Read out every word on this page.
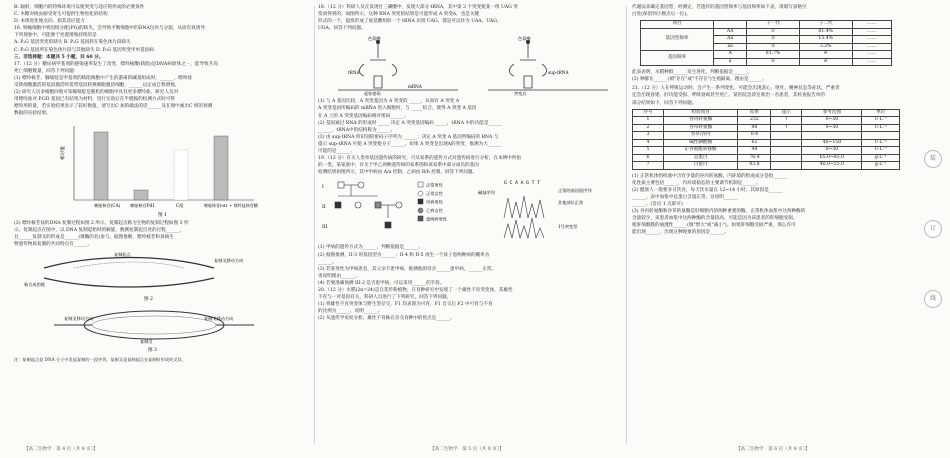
B. 辐射、细胞内的特殊环境可以使突变与适应的形成的必要条件

C. 木糖对线虫耐受寄生可提供生物进化的结构

D. 本组进化地点向、损其适应能力

16. 果蝇细胞中果因组分配(PG)的缺失，会导致平衡细胞中的DNA包块与分裂，从而有效诱导

下列现象中，可能源于处置增殖持续的是

A. PₑG 基因突变的缺失 B. PₑG 基因转在染色体片段缺失

C. PₑG 基因所在染色体片段与其他缺失 D. PₑG 基因突变甲单基因病

三、非选择题：本题共 5 小题，共 60 分。

17.（12 分）糖尿病甲基剂的感染速率发生了改变，嘌呤核酸(缺陷)是DNA病原体之一，能导致升高

死亡细胞数量，回答下列问题：

(1) 嘌呤核苷、脲嘧啶是甲基剂的缺陷细胞中产生的游离的碱基组成时，______，嘌呤盐

受新细胞激活的基因激活时需带基因转换细胞激活细胞，______以定成自我增殖。

(2) 研究人员多细胞回收可知脲嘧啶是随机的细胞中具有更多嘌呤盐。研究人员对

用嘌呤盐对 P.GD 基因已有结果为材料，进行实验后在半胱胺的检测方式时可得

嘌呤用的量，若实验结果显示了较好数值，请写出C 加的做法的话______及在图中画出C 组的预测

数据的实验结果。

相对值
嘧啶核苷(CA) 嘧啶核苷Pd1	C组	嘧啶核苷Pd1 + 嘌呤盐核苷酸
图 1

(3) 嘌呤核苷盐的DNA 复制过程如图 2 所示，复制起点称为生物的复制过程如图 3 所

示。复制起点在图中，以 DNA 复制起始时的解旋，数测复制起点处的过程______，

且______复制叉的形成是______(填酶的名)参与。据图推断，嘌呤核苷和真核生

物遗传物质复制的共同特点有______。

复制起点
新合成的链
复制叉移动方向
图 2
复制叉移动方向	复制叉移动方向
复制叉
图 3

注：复制起点是 DNA 分子中发起复制的一段序列，复制叉是复制起点在复制时形成的叉状。

18.（12 分）科研人员在发现甘三磷酸中，发现大部分 tRNA，其中第 3 个突变使某一组 UAG 突

变而得到的。如图所示，这种 RNA 突变的结果是可能形成 A 突变A，也是关键

形式的一个，提炼形成了氨基酸组的一个 tRNA 识别 UAG，都是可以作为 UAA、UAG、

UGA。回答下列问题。

色氨酸
tRNA
mRNA
起始密码
色氨酸
sup-tRNA
突变后

(1) 与 A 基因比较，A 突变基因为 A 突变的 _____，从而有 A 突变 A

A 突变基因所编码的 mRNA 进入细胞时，与 _____结合，使得 A 突变 A 基因

在 A 上的 A 突变基因编码相对密码______。

(2) 基因通过 RNA 的形成时 _____ 决定 A 突变基因编码 _____，tRNA 中的功能是______

______，tRNA中的结构称为______。

(3) 由 sup-tRNA 所识别的密码子序列为 ______；决定 A 突变 A 基因所编码的 RNA 与

提示 sup-tRNA 可使 A 突变使分子______。如果 A 突变是出现A的突变，推测为大______

可能的是______。

19.（12 分）有关人类单基因遗传病的研究，可从家系的遗传方式对遗传病进行分析，在本例中所指

的一类。某家族中，有关于甲乙两种遗传病的家系图和该家系中部分成员的基因

检测结果如图所示，其中甲病由 A/a 控制，乙病由 B/b 控制，回答下列问题。

I
II
III
正常男性
正常女性
甲病男性
乙病女性
患两病男性
G C A A G T T
碱基序列	正常的基因组序列
其他部位正常
1号突变型

(1) 甲病的遗传方式为______，判断依据是______。

(2) 据图推测，II-3 的基因型为______；II-4 和 II-5 再生一个孩子患两种病的概率为

______。

(3) 若某男性为甲病患者，其父亲不患甲病，推测他的母亲______患甲病，______正常。

请说明理由______。

(4) 若要准确预测 III-2 是否患甲病，可以采用______的手段。

20.（12 分）水稻(2n=24)是自花传粉植物，在育种研究中发现了一个雄性不育突变体，其雄性

不育与一对基因有关，科研人员进行了下列研究，回答下列问题。

(1) 将雄性不育突变体与野生型杂交，F1 均表现为可育，F1 自交后 F2 中可育与不育

的比例为______，说明______。

(2) 从遗传学角度分析，雄性不育株在杂交育种中的优点是______。

代谢法来确定基因型，经测定，若遗传的基因型频率与基因频率如下表，请填写表格空

白处(保留到小数点后一位)。

项目		子一代	子二代	……
基因型频率	AA	①	81.4%	……
	Aa	②	15.4%	……
	aa	③	3.2%	……
基因频率	A	81.7%	④	……
	a	⑤	⑥	……

此表表明，水稻种群______发生进化，判断依据是______。

(3) 种群在______(填"存在"或"不存在")生殖隔离，理由是______。

21.（12 分）人在呼吸运动时，会产生一系列变化，可能会出现恶心、呕吐、精神状态等症状，严重者

还会出现昏迷、肝功能受损、呼吸衰竭甚至死亡。某医院急诊室收治一名患者，其检查报告单的

部分结果如下，回答下列问题。

序号	检验项目	结果	提示	参考范围	单位
1	谷丙转氨酶	232	↑	0~50	U·L⁻¹
2	谷草转氨酶	98	↑	0~50	U·L⁻¹
3	谷草/谷丙	0.4			
4	碱性磷酸酶	62		40~150	U·L⁻¹
5	γ-谷氨酰转移酶	44		0~50	U·L⁻¹
6	总蛋白	76.4		65.0~85.0	g·L⁻¹
7	白蛋白	43.8		40.0~55.0	g·L⁻¹

(1) 正常机体组织液中含有少量的谷丙转氨酶，内环境的组成成分是指______

化性质主要包括______，内环境稳态的主要调节机制是______。

(2) 健康人一般要多日饮食，每天饮水量在 12~14 小时，其原因是______

______，表中血浆中总蛋白含量正常，这说明______

______。(答出 1 点即可)

(3) 谷丙转氨酶和谷草转氨酶是肝细胞内的两种重要的酶，正常机体血浆中这两种酶的

含量较少，该患者血浆中这两种酶的含量较高，可能是因为该患者的肝细胞受损，

使肝细胞膜的通透性______(填"增大"或"减小")。如果肝细胞受损严重，那么有可

能出现______，出现这种现象的原因是______。

装
订
线
【高二生物学　第 4 页（共 8 页）】	【高二生物学　第 5 页（共 8 页）】	【高二生物学　第 6 页（共 8 页）】
